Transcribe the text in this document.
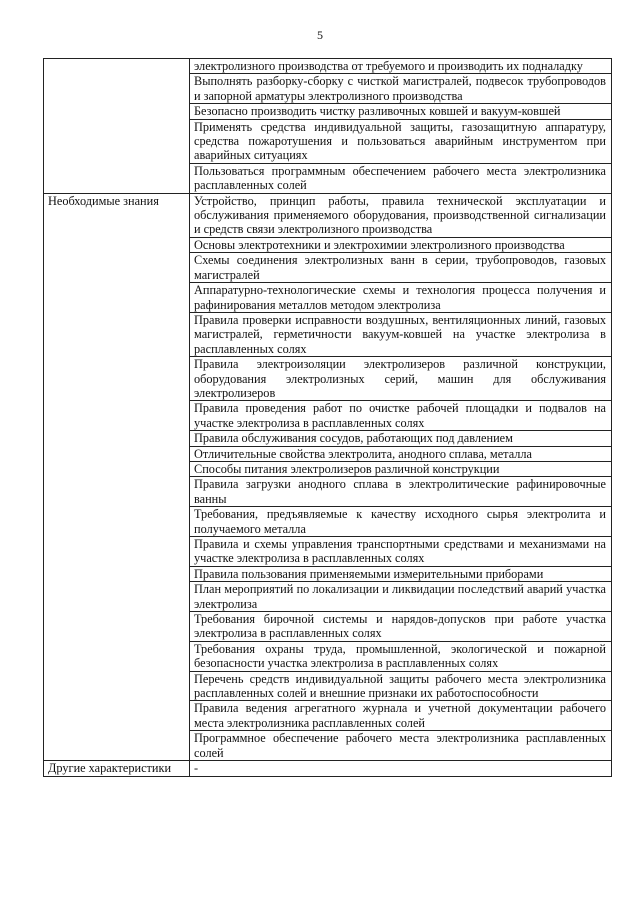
5

	электролизного производства от требуемого и производить их подналадку

	Выполнять разборку-сборку с чисткой магистралей, подвесок трубопроводов и запорной арматуры электролизного производства

	Безопасно производить чистку разливочных ковшей и вакуум-ковшей

	Применять средства индивидуальной защиты, газозащитную аппаратуру, средства пожаротушения и пользоваться аварийным инструментом при аварийных ситуациях

	Пользоваться программным обеспечением рабочего места электролизника расплавленных солей

Необходимые знания	Устройство, принцип работы, правила технической эксплуатации и обслуживания применяемого оборудования, производственной сигнализации и средств связи электролизного производства

	Основы электротехники и электрохимии электролизного производства

	Схемы соединения электролизных ванн в серии, трубопроводов, газовых магистралей

	Аппаратурно-технологические схемы и технология процесса получения и рафинирования металлов методом электролиза

	Правила проверки исправности воздушных, вентиляционных линий, газовых магистралей, герметичности вакуум-ковшей на участке электролиза в расплавленных солях

	Правила электроизоляции электролизеров различной конструкции, оборудования электролизных серий, машин для обслуживания электролизеров

	Правила проведения работ по очистке рабочей площадки и подвалов на участке электролиза в расплавленных солях

	Правила обслуживания сосудов, работающих под давлением

	Отличительные свойства электролита, анодного сплава, металла

	Способы питания электролизеров различной конструкции

	Правила загрузки анодного сплава в электролитические рафинировочные ванны

	Требования, предъявляемые к качеству исходного сырья электролита и получаемого металла

	Правила и схемы управления транспортными средствами и механизмами на участке электролиза в расплавленных солях

	Правила пользования применяемыми измерительными приборами

	План мероприятий по локализации и ликвидации последствий аварий участка электролиза

	Требования бирочной системы и нарядов-допусков при работе участка электролиза в расплавленных солях

	Требования охраны труда, промышленной, экологической и пожарной безопасности участка электролиза в расплавленных солях

	Перечень средств индивидуальной защиты рабочего места электролизника расплавленных солей и внешние признаки их работоспособности

	Правила ведения агрегатного журнала и учетной документации рабочего места электролизника расплавленных солей

	Программное обеспечение рабочего места электролизника расплавленных солей

Другие характеристики	-
